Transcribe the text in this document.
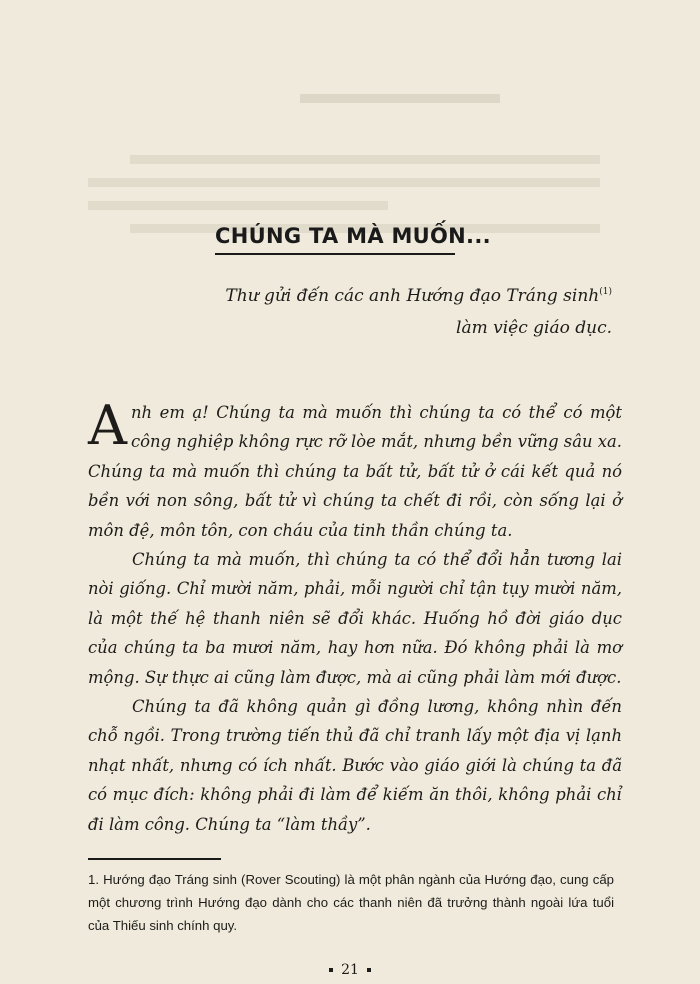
CHÚNG TA MÀ MUỐN...
Thư gửi đến các anh Hướng đạo Tráng $\sinh^{(1)}$
làm việc giáo dục.

Anh em ạ! Chúng ta mà muốn thì chúng ta có thể có một công nghiệp không rực rỡ lòe mắt, nhưng bền vững sâu xa. Chúng ta mà muốn thì chúng ta bất tử, bất tử ở cái kết quả nó bền với non sông, bất tử vì chúng ta chết đi rồi, còn sống lại ở môn đệ, môn tôn, con cháu của tinh thần chúng ta.

Chúng ta mà muốn, thì chúng ta có thể đổi hẳn tương lai nòi giống. Chỉ mười năm, phải, mỗi người chỉ tận tụy mười năm, là một thế hệ thanh niên sẽ đổi khác. Huống hồ đời giáo dục của chúng ta ba mươi năm, hay hơn nữa. Đó không phải là mơ mộng. Sự thực ai cũng làm được, mà ai cũng phải làm mới được.

Chúng ta đã không quản gì đồng lương, không nhìn đến chỗ ngồi. Trong trường tiến thủ đã chỉ tranh lấy một địa vị lạnh nhạt nhất, nhưng có ích nhất. Bước vào giáo giới là chúng ta đã có mục đích: không phải đi làm để kiếm ăn thôi, không phải chỉ đi làm công. Chúng ta “làm thầy”.

1. Hướng đạo Tráng sinh (Rover Scouting) là một phân ngành của Hướng đạo, cung cấp một chương trình Hướng đạo dành cho các thanh niên đã trưởng thành ngoài lứa tuổi của Thiếu sinh chính quy.
21
